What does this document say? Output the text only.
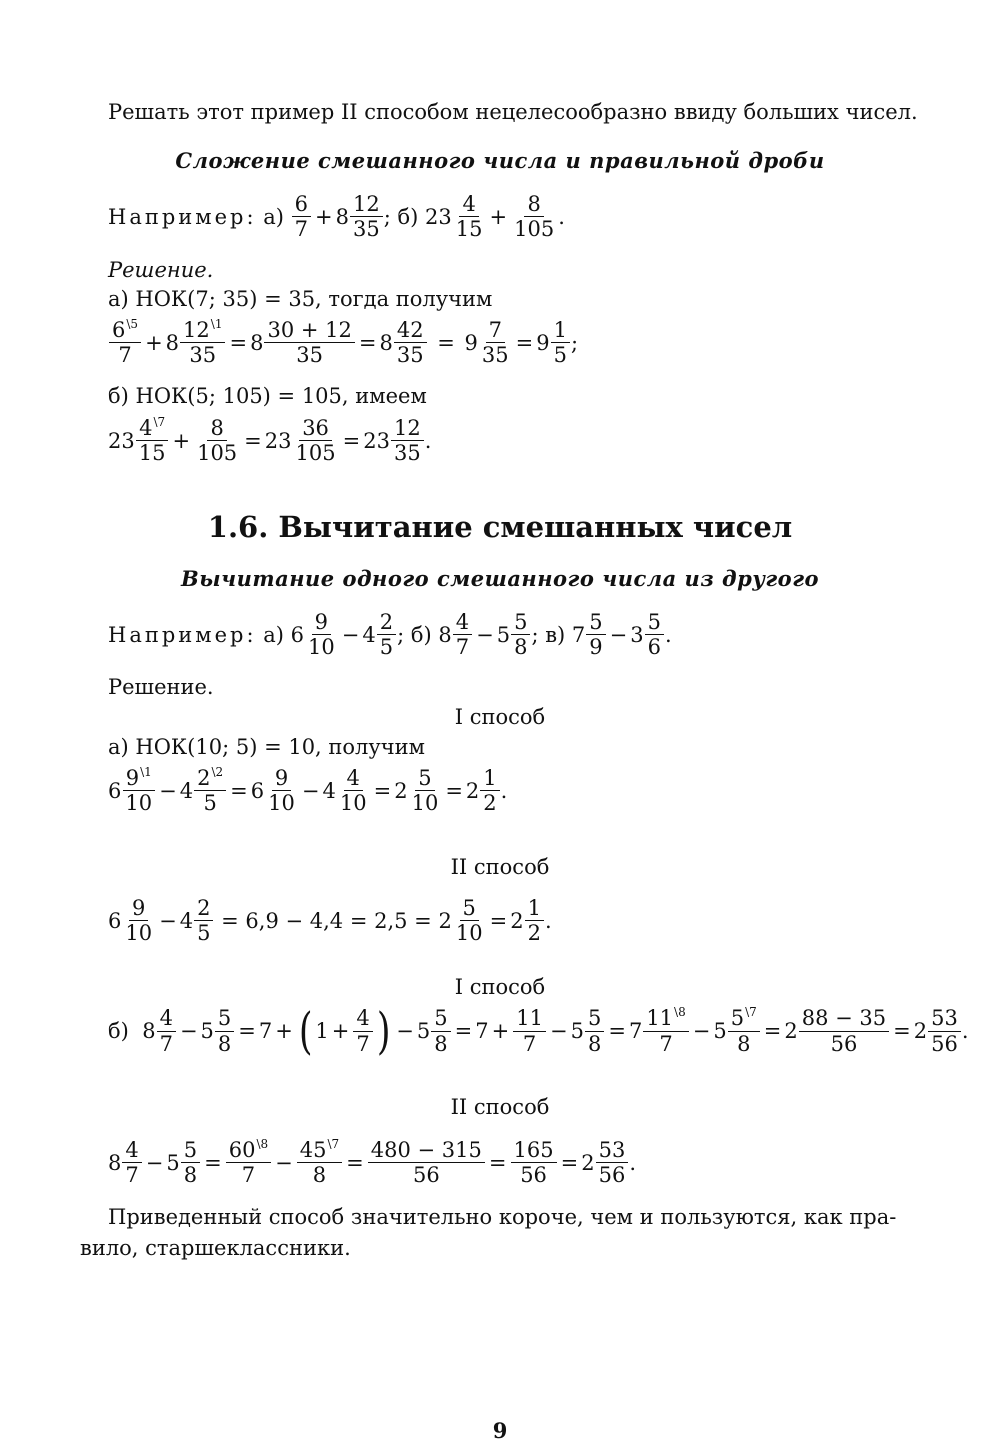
Решать этот пример II способом нецелесообразно ввиду больших чисел.
Сложение смешанного числа и правильной дроби
Например:
а)
$\frac{6}{7} + 8 \frac{12}{35}$ ; б) $23 \frac{4}{15} + \frac{8}{105}$ .
Решение.
а) НОК(7; 35) = 35, тогда получим
$\frac{6^{\backslash 5}}{7} + 8 \frac{12^{\backslash 1}}{35} = 8 \frac{30 + 12}{35} = 8 \frac{42}{35} = 9 \frac{7}{35} = 9 \frac{1}{5}$ ;
б) НОК(5; 105) = 105, имеем
$23 \frac{4^{\backslash 7}}{15} + \frac{8}{105} = 23 \frac{36}{105} = 23 \frac{12}{35}$ .
1.6. Вычитание смешанных чисел
Вычитание одного смешанного числа из другого
Например: а) $6 \frac{9}{10} - 4 \frac{2}{5}$ ; б) $8 \frac{4}{7} - 5 \frac{5}{8}$ ; в) $7 \frac{5}{9} - 3 \frac{5}{6}$ .
Решение.
I способ
а) НОК(10; 5) = 10, получим
$6 \frac{9^{\backslash 1}}{10} - 4 \frac{2^{\backslash 2}}{5} = 6 \frac{9}{10} - 4 \frac{4}{10} = 2 \frac{5}{10} = 2 \frac{1}{2}$ .
II способ
$6 \frac{9}{10} - 4 \frac{2}{5}$
= $6,9 - 4,4 = 2,5 = 2 \frac{5}{10} = 2 \frac{1}{2}$ .
I способ
б) $8 \frac{4}{7} - 5 \frac{5}{8} = 7$ + ( $1 + \frac{4}{7}$ ) − $5 \frac{5}{8} = 7 + \frac{11}{7} - 5 \frac{5}{8} = 7 \frac{11^{\backslash 8}}{7} - 5 \frac{5^{\backslash 7}}{8} = 2 \frac{88 - 35}{56} = 2 \frac{53}{56}$ .
II способ
$8 \frac{4}{7} - 5 \frac{5}{8} = \frac{60^{\backslash 8}}{7} - \frac{45^{\backslash 7}}{8} = \frac{480 - 315}{56} = \frac{165}{56} = 2 \frac{53}{56}$ .
Приведенный способ значительно короче, чем и пользуются, как пра-
вило, старшеклассники.
9
